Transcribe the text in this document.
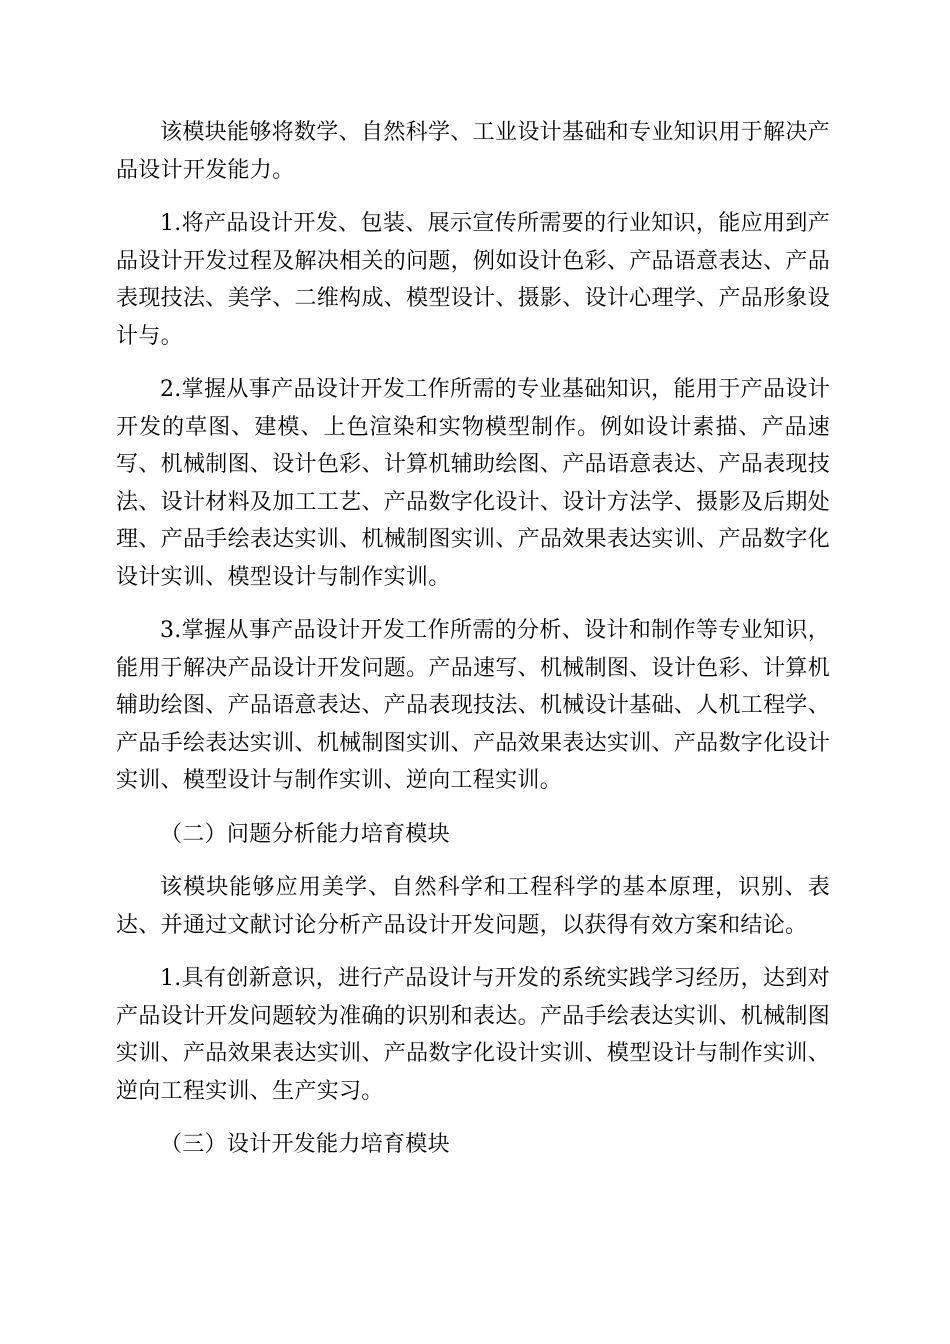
该模块能够将数学、自然科学、工业设计基础和专业知识用于解决产品设计开发能力。

1.将产品设计开发、包装、展示宣传所需要的行业知识，能应用到产品设计开发过程及解决相关的问题，例如设计色彩、产品语意表达、产品表现技法、美学、二维构成、模型设计、摄影、设计心理学、产品形象设计与。

2.掌握从事产品设计开发工作所需的专业基础知识，能用于产品设计开发的草图、建模、上色渲染和实物模型制作。例如设计素描、产品速写、机械制图、设计色彩、计算机辅助绘图、产品语意表达、产品表现技法、设计材料及加工工艺、产品数字化设计、设计方法学、摄影及后期处理、产品手绘表达实训、机械制图实训、产品效果表达实训、产品数字化设计实训、模型设计与制作实训。

3.掌握从事产品设计开发工作所需的分析、设计和制作等专业知识，能用于解决产品设计开发问题。产品速写、机械制图、设计色彩、计算机辅助绘图、产品语意表达、产品表现技法、机械设计基础、人机工程学、产品手绘表达实训、机械制图实训、产品效果表达实训、产品数字化设计实训、模型设计与制作实训、逆向工程实训。

（二）问题分析能力培育模块

该模块能够应用美学、自然科学和工程科学的基本原理，识别、表达、并通过文献讨论分析产品设计开发问题，以获得有效方案和结论。

1.具有创新意识，进行产品设计与开发的系统实践学习经历，达到对产品设计开发问题较为准确的识别和表达。产品手绘表达实训、机械制图实训、产品效果表达实训、产品数字化设计实训、模型设计与制作实训、逆向工程实训、生产实习。

（三）设计开发能力培育模块
